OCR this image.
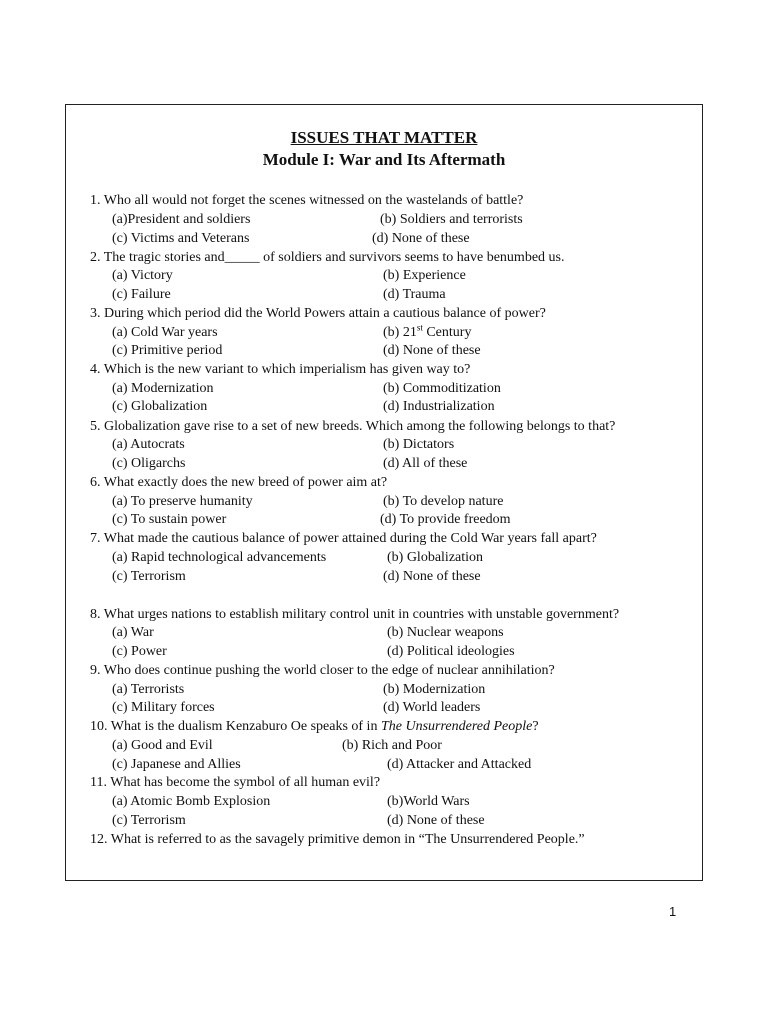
ISSUES THAT MATTER
Module I: War and Its Aftermath
1. Who all would not forget the scenes witnessed on the wastelands of battle?
(a)President and soldiers	(b) Soldiers and terrorists
(c) Victims and Veterans	(d) None of these
2. The tragic stories and_____ of soldiers and survivors seems to have benumbed us.
(a) Victory	(b) Experience
(c) Failure	(d) Trauma
3. During which period did the World Powers attain a cautious balance of power?
(a) Cold War years	(b) 21st Century
(c) Primitive period	(d) None of these
4. Which is the new variant to which imperialism has given way to?
(a) Modernization	(b) Commoditization
(c) Globalization	(d) Industrialization
5. Globalization gave rise to a set of new breeds. Which among the following belongs to that?
(a) Autocrats	(b) Dictators
(c) Oligarchs	(d) All of these
6. What exactly does the new breed of power aim at?
(a) To preserve humanity	(b) To develop nature
(c) To sustain power	(d) To provide freedom
7. What made the cautious balance of power attained during the Cold War years fall apart?
(a) Rapid technological advancements	(b) Globalization
(c) Terrorism	(d) None of these
8. What urges nations to establish military control unit in countries with unstable government?
(a) War	(b) Nuclear weapons
(c) Power	(d) Political ideologies
9. Who does continue pushing the world closer to the edge of nuclear annihilation?
(a) Terrorists	(b) Modernization
(c) Military forces	(d) World leaders
10. What is the dualism Kenzaburo Oe speaks of in The Unsurrendered People?
(a) Good and Evil	(b) Rich and Poor
(c) Japanese and Allies	(d) Attacker and Attacked
11. What has become the symbol of all human evil?
(a) Atomic Bomb Explosion	(b)World Wars
(c) Terrorism	(d) None of these
12. What is referred to as the savagely primitive demon in “The Unsurrendered People.”
1
